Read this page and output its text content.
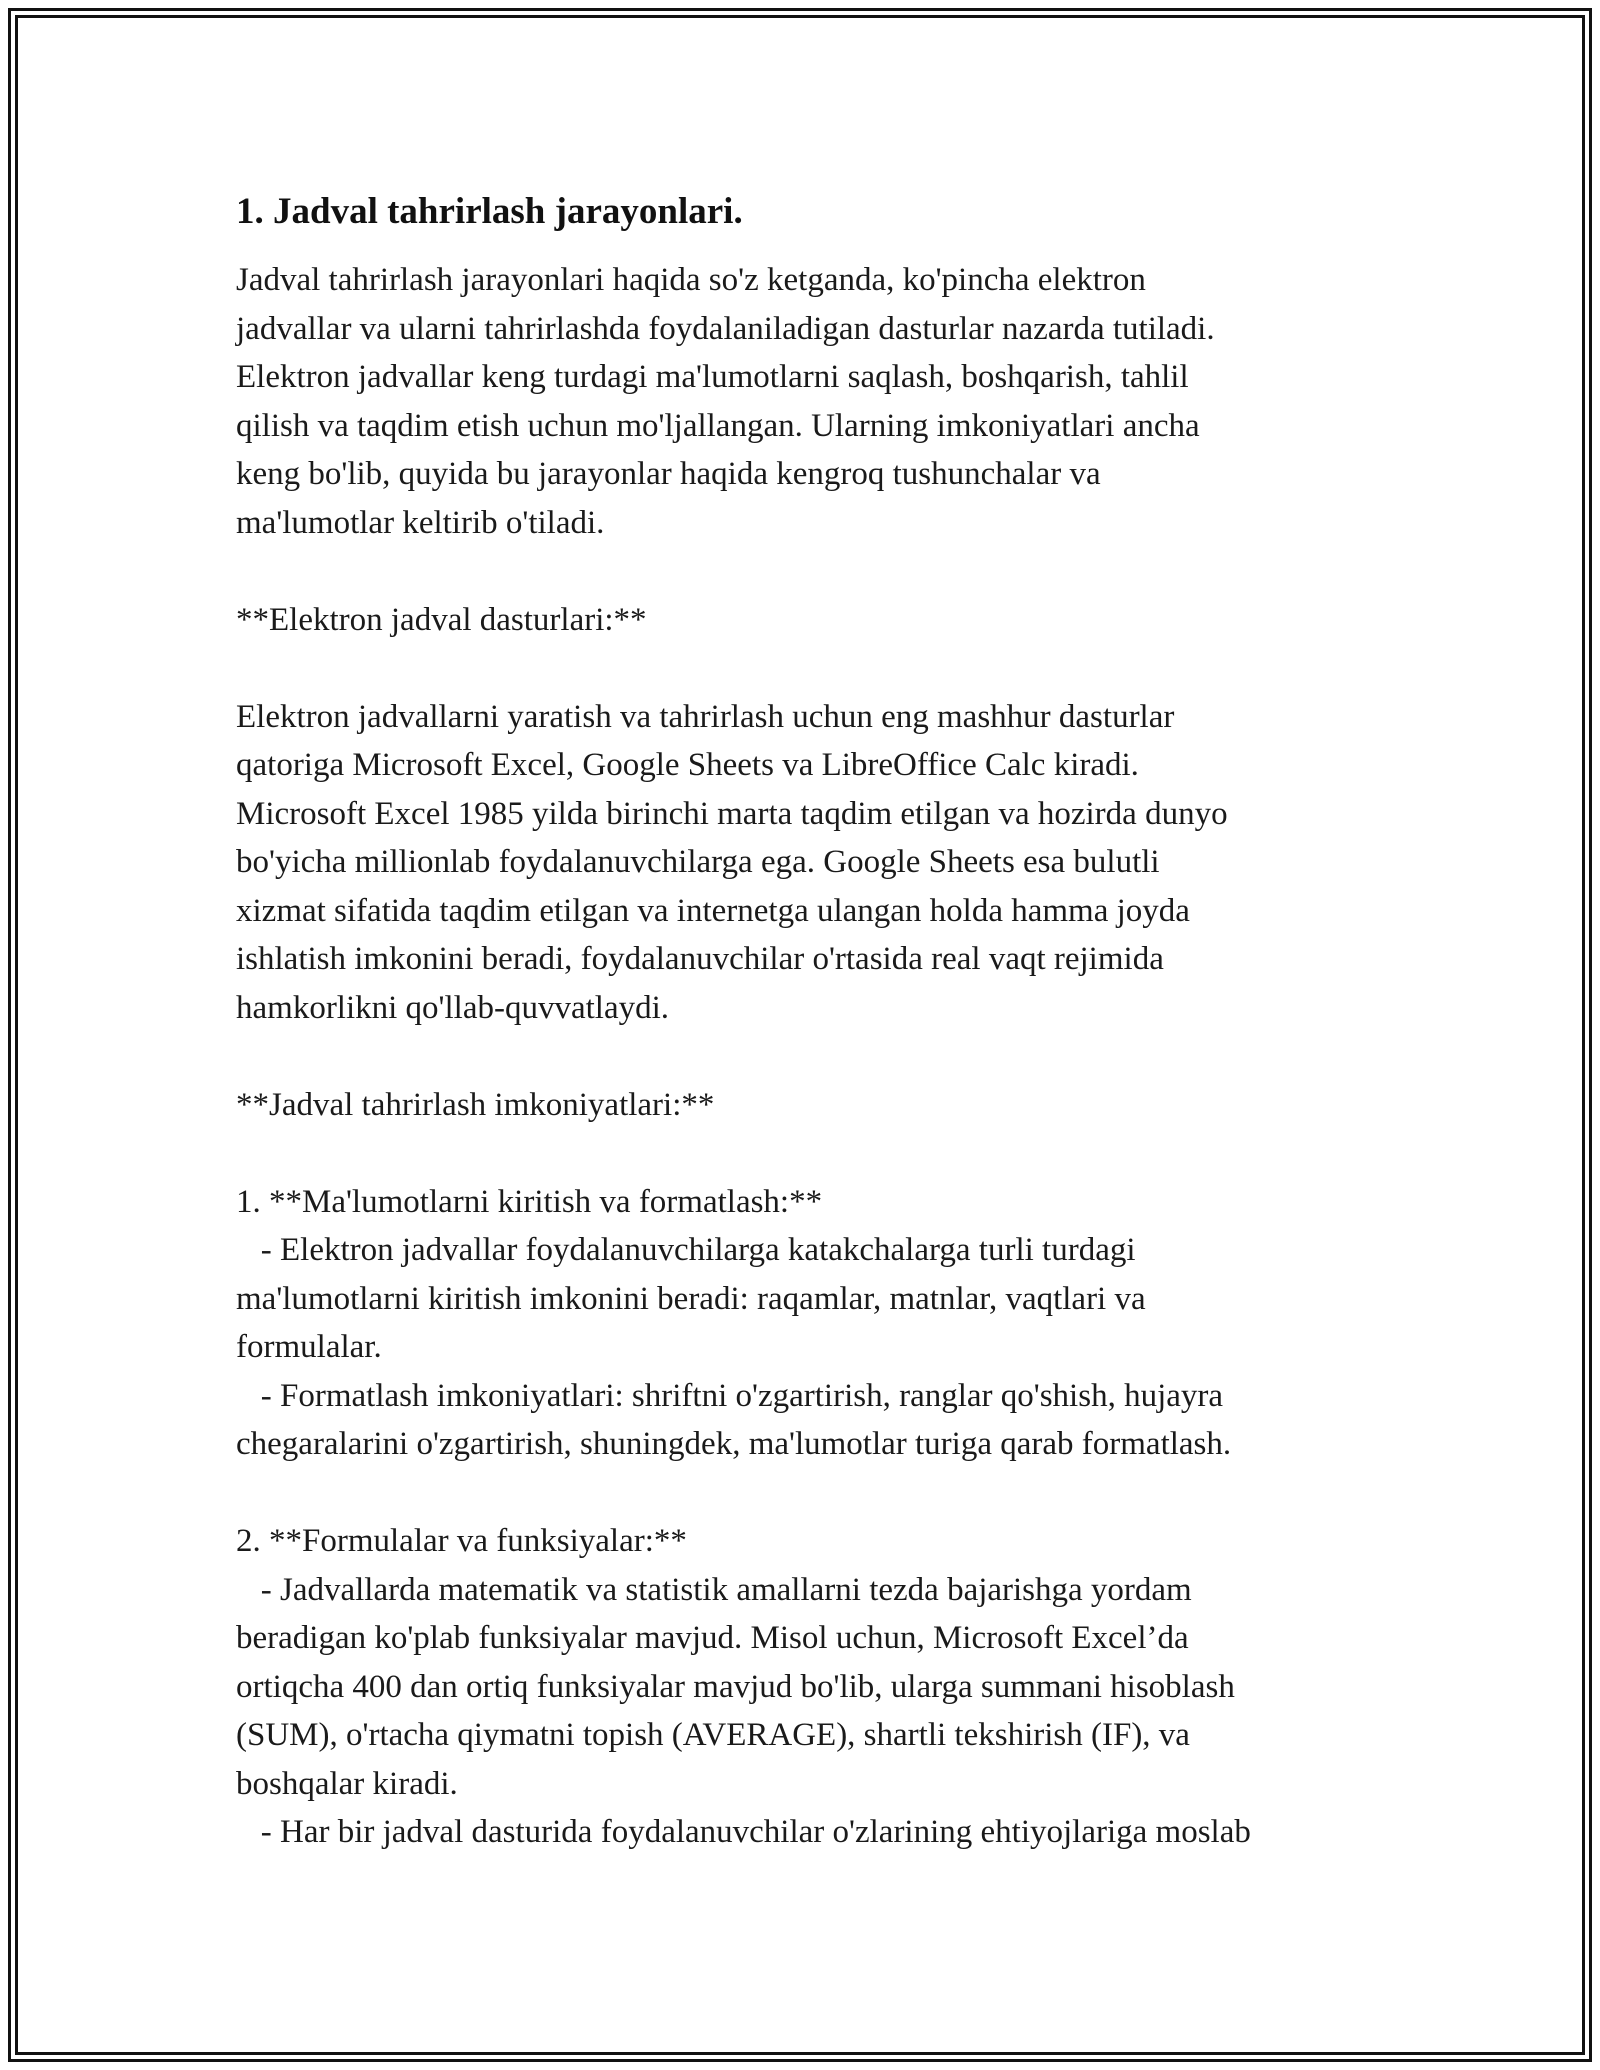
1. Jadval tahrirlash jarayonlari.

Jadval tahrirlash jarayonlari haqida so'z ketganda, ko'pincha elektron
jadvallar va ularni tahrirlashda foydalaniladigan dasturlar nazarda tutiladi.
Elektron jadvallar keng turdagi ma'lumotlarni saqlash, boshqarish, tahlil
qilish va taqdim etish uchun mo'ljallangan. Ularning imkoniyatlari ancha
keng bo'lib, quyida bu jarayonlar haqida kengroq tushunchalar va
ma'lumotlar keltirib o'tiladi.

**Elektron jadval dasturlari:**

Elektron jadvallarni yaratish va tahrirlash uchun eng mashhur dasturlar
qatoriga Microsoft Excel, Google Sheets va LibreOffice Calc kiradi.
Microsoft Excel 1985 yilda birinchi marta taqdim etilgan va hozirda dunyo
bo'yicha millionlab foydalanuvchilarga ega. Google Sheets esa bulutli
xizmat sifatida taqdim etilgan va internetga ulangan holda hamma joyda
ishlatish imkonini beradi, foydalanuvchilar o'rtasida real vaqt rejimida
hamkorlikni qo'llab-quvvatlaydi.

**Jadval tahrirlash imkoniyatlari:**

1. **Ma'lumotlarni kiritish va formatlash:**
- Elektron jadvallar foydalanuvchilarga katakchalarga turli turdagi
ma'lumotlarni kiritish imkonini beradi: raqamlar, matnlar, vaqtlari va
formulalar.
- Formatlash imkoniyatlari: shriftni o'zgartirish, ranglar qo'shish, hujayra
chegaralarini o'zgartirish, shuningdek, ma'lumotlar turiga qarab formatlash.

2. **Formulalar va funksiyalar:**
- Jadvallarda matematik va statistik amallarni tezda bajarishga yordam
beradigan ko'plab funksiyalar mavjud. Misol uchun, Microsoft Excel’da
ortiqcha 400 dan ortiq funksiyalar mavjud bo'lib, ularga summani hisoblash
(SUM), o'rtacha qiymatni topish (AVERAGE), shartli tekshirish (IF), va
boshqalar kiradi.
- Har bir jadval dasturida foydalanuvchilar o'zlarining ehtiyojlariga moslab
